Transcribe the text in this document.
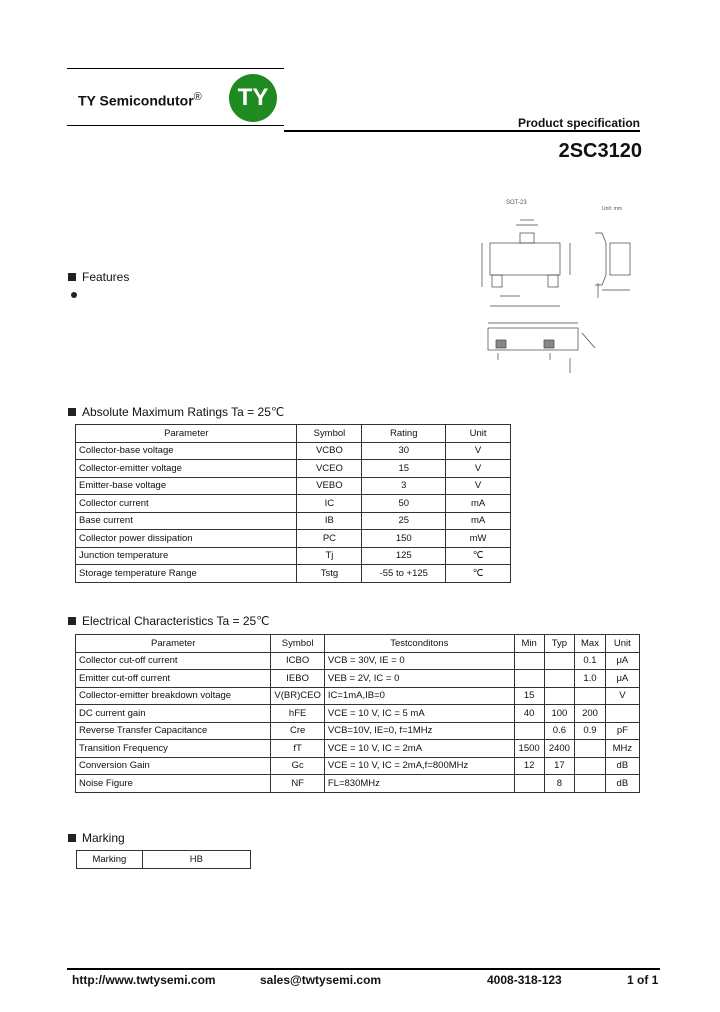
TY Semicondutor® TY
Product specification
2SC3120
SOT-23
Unit: mm
Features
Absolute Maximum Ratings Ta = 25℃
Parameter	Symbol	Rating	Unit
Collector-base voltage	VCBO	30	V
Collector-emitter voltage	VCEO	15	V
Emitter-base voltage	VEBO	3	V
Collector current	IC	50	mA
Base current	IB	25	mA
Collector power dissipation	PC	150	mW
Junction temperature	Tj	125	℃
Storage temperature Range	Tstg	-55 to +125	℃
Electrical Characteristics Ta = 25℃
Parameter	Symbol	Testconditons	Min	Typ	Max	Unit
Collector cut-off current	ICBO	VCB = 30V, IE = 0			0.1	μA
Emitter cut-off current	IEBO	VEB = 2V, IC = 0			1.0	μA
Collector-emitter breakdown voltage	V(BR)CEO	IC=1mA,IB=0	15			V
DC current gain	hFE	VCE = 10 V, IC = 5 mA	40	100	200	
Reverse Transfer Capacitance	Cre	VCB=10V, IE=0, f=1MHz		0.6	0.9	pF
Transition Frequency	fT	VCE = 10 V, IC = 2mA	1500	2400		MHz
Conversion Gain	Gc	VCE = 10 V, IC = 2mA,f=800MHz	12	17		dB
Noise Figure	NF	FL=830MHz		8		dB
Marking
Marking	HB
http://www.twtysemi.com	sales@twtysemi.com	4008-318-123	1 of 1
